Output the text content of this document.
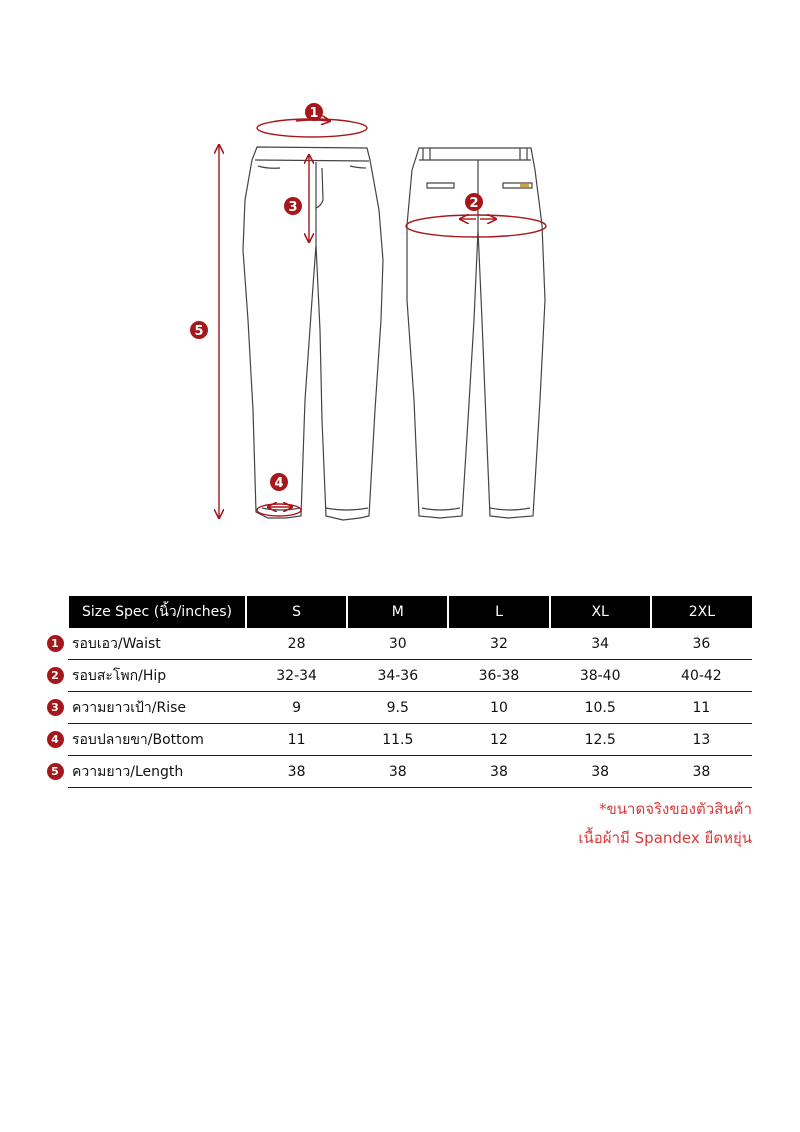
1
2
3
4
5
	Size Spec (นิ้ว/inches)	S	M	L	XL	2XL
1	รอบเอว/Waist	28	30	32	34	36
2	รอบสะโพก/Hip	32-34	34-36	36-38	38-40	40-42
3	ความยาวเป้า/Rise	9	9.5	10	10.5	11
4	รอบปลายขา/Bottom	11	11.5	12	12.5	13
5	ความยาว/Length	38	38	38	38	38
*ขนาดจริงของตัวสินค้า
เนื้อผ้ามี Spandex ยืดหยุ่น
